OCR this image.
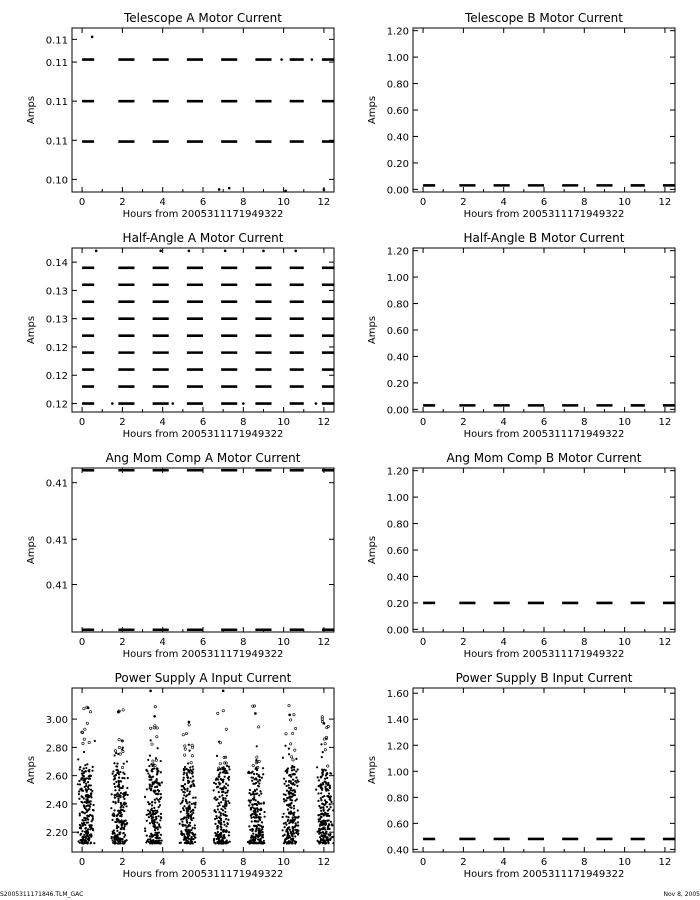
Telescope A Motor Current
0	2	4	6	8	10	12
0.10
0.11
0.11
0.11
0.11
Hours from 2005311171949322
Amps
Telescope B Motor Current
0	2	4	6	8	10	12
0.00
0.20
0.40
0.60
0.80
1.00
1.20
Hours from 2005311171949322
Amps
Half-Angle A Motor Current
0	2	4	6	8	10	12
0.12
0.12
0.12
0.13
0.13
0.14
Hours from 2005311171949322
Amps
Half-Angle B Motor Current
0	2	4	6	8	10	12
0.00
0.20
0.40
0.60
0.80
1.00
1.20
Hours from 2005311171949322
Amps
Ang Mom Comp A Motor Current
0	2	4	6	8	10	12
0.41
0.41
0.41
Hours from 2005311171949322
Amps
Ang Mom Comp B Motor Current
0	2	4	6	8	10	12
0.00
0.20
0.40
0.60
0.80
1.00
1.20
Hours from 2005311171949322
Amps
Power Supply A Input Current
0	2	4	6	8	10	12
2.20
2.40
2.60
2.80
3.00
Hours from 2005311171949322
Amps
Power Supply B Input Current
0	2	4	6	8	10	12
0.40
0.60
0.80
1.00
1.20
1.40
1.60
Hours from 2005311171949322
Amps
S2005311171846.TLM_GAC	Nov 8, 2005
